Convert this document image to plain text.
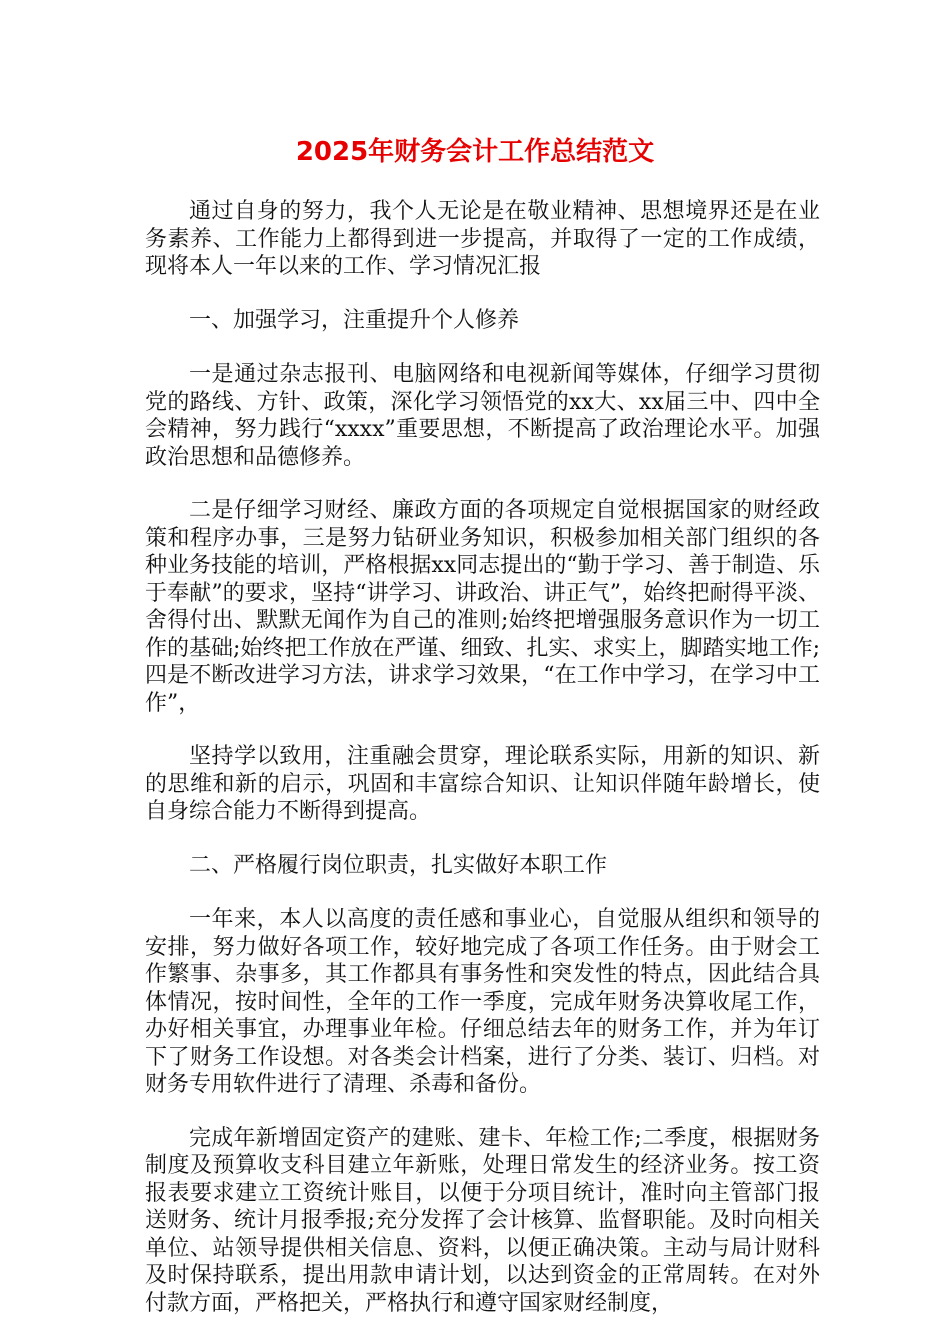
2025年财务会计工作总结范文

通过自身的努力，我个人无论是在敬业精神、思想境界还是在业务素养、工作能力上都得到进一步提高，并取得了一定的工作成绩，现将本人一年以来的工作、学习情况汇报

一、加强学习，注重提升个人修养

一是通过杂志报刊、电脑网络和电视新闻等媒体，仔细学习贯彻党的路线、方针、政策，深化学习领悟党的xx大、xx届三中、四中全会精神，努力践行“xxxx”重要思想，不断提高了政治理论水平。加强政治思想和品德修养。

二是仔细学习财经、廉政方面的各项规定自觉根据国家的财经政策和程序办事，三是努力钻研业务知识，积极参加相关部门组织的各种业务技能的培训，严格根据xx同志提出的“勤于学习、善于制造、乐于奉献”的要求，坚持“讲学习、讲政治、讲正气”，始终把耐得平淡、舍得付出、默默无闻作为自己的准则;始终把增强服务意识作为一切工作的基础;始终把工作放在严谨、细致、扎实、求实上，脚踏实地工作;四是不断改进学习方法，讲求学习效果，“在工作中学习，在学习中工作”，

坚持学以致用，注重融会贯穿，理论联系实际，用新的知识、新的思维和新的启示，巩固和丰富综合知识、让知识伴随年龄增长，使自身综合能力不断得到提高。

二、严格履行岗位职责，扎实做好本职工作

一年来，本人以高度的责任感和事业心，自觉服从组织和领导的安排，努力做好各项工作，较好地完成了各项工作任务。由于财会工作繁事、杂事多，其工作都具有事务性和突发性的特点，因此结合具体情况，按时间性，全年的工作一季度，完成年财务决算收尾工作，办好相关事宜，办理事业年检。仔细总结去年的财务工作，并为年订下了财务工作设想。对各类会计档案，进行了分类、装订、归档。对财务专用软件进行了清理、杀毒和备份。

完成年新增固定资产的建账、建卡、年检工作;二季度，根据财务制度及预算收支科目建立年新账，处理日常发生的经济业务。按工资报表要求建立工资统计账目，以便于分项目统计，准时向主管部门报送财务、统计月报季报;充分发挥了会计核算、监督职能。及时向相关单位、站领导提供相关信息、资料，以便正确决策。主动与局计财科及时保持联系，提出用款申请计划，以达到资金的正常周转。在对外付款方面，严格把关，严格执行和遵守国家财经制度，
